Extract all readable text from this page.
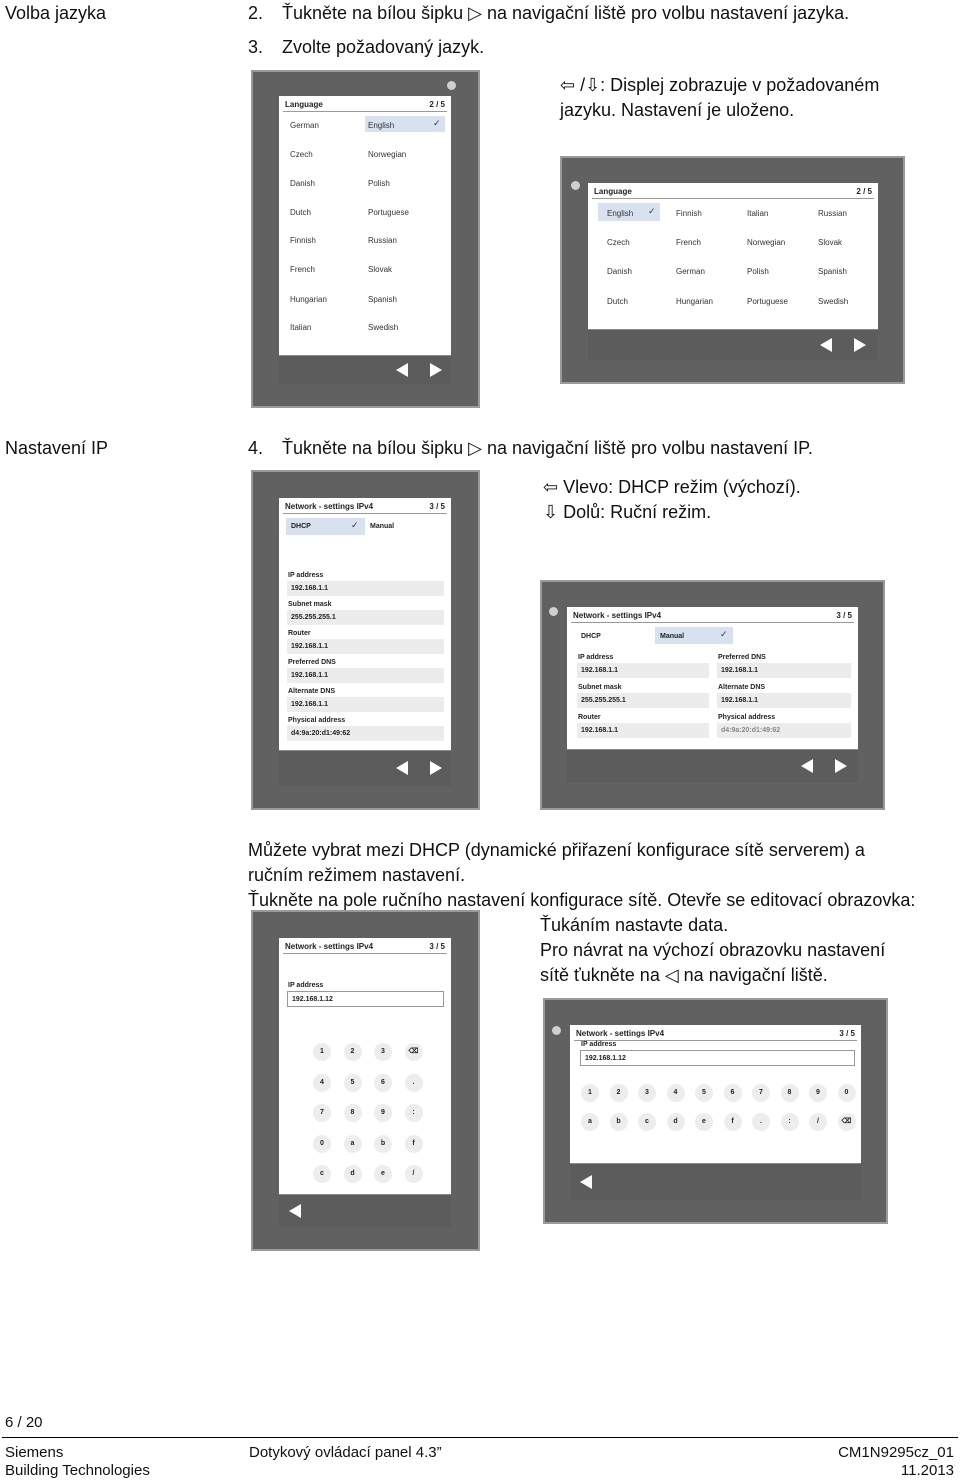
Volba jazyka	2. Ťukněte na bílou šipku ▷ na navigační liště pro volbu nastavení jazyka.
3. Zvolte požadovaný jazyk.
⇦ /⇩: Displej zobrazuje v požadovaném
jazyku. Nastavení je uloženo.
Nastavení IP	4. Ťukněte na bílou šipku ▷ na navigační liště pro volbu nastavení IP.
⇦ Vlevo: DHCP režim (výchozí).
⇩ Dolů: Ruční režim.
Můžete vybrat mezi DHCP (dynamické přiřazení konfigurace sítě serverem) a
ručním režimem nastavení.
Ťukněte na pole ručního nastavení konfigurace sítě. Otevře se editovací obrazovka:
Ťukáním nastavte data.
Pro návrat na výchozí obrazovku nastavení
sítě ťukněte na ◁ na navigační liště.
Language	2 / 5
✓
German	English
Czech	Norwegian
Danish	Polish
Dutch	Portuguese
Finnish	Russian
French	Slovak
Hungarian	Spanish
Italian	Swedish
Language	2 / 5
✓
English	Finnish	Italian	Russian
Czech	French	Norwegian	Slovak
Danish	German	Polish	Spanish
Dutch	Hungarian	Portuguese	Swedish
Network - settings IPv4	3 / 5
DHCP	✓ Manual
IP address
192.168.1.1
Subnet mask
255.255.255.1
Router
192.168.1.1
Preferred DNS
192.168.1.1
Alternate DNS
192.168.1.1
Physical address
d4:9a:20:d1:49:62
Network - settings IPv4	3 / 5
DHCP	Manual	✓
IP address
192.168.1.1
Subnet mask
255.255.255.1
Router
192.168.1.1
Preferred DNS
192.168.1.1
Alternate DNS
192.168.1.1
Physical address
d4:9a:20:d1:49:62
Network - settings IPv4	3 / 5
IP address
192.168.1.12
1	2	3	⌫
4	5	6	.
7	8	9	:
0	a	b	f
c	d	e	/
Network - settings IPv4	3 / 5
IP address
192.168.1.12
1	2	3	4	5	6	7	8	9	0
a	b	c	d	e	f	.	:	/	⌫
6 / 20
Siemens
Building Technologies
Dotykový ovládací panel 4.3”	CM1N9295cz_01
11.2013
